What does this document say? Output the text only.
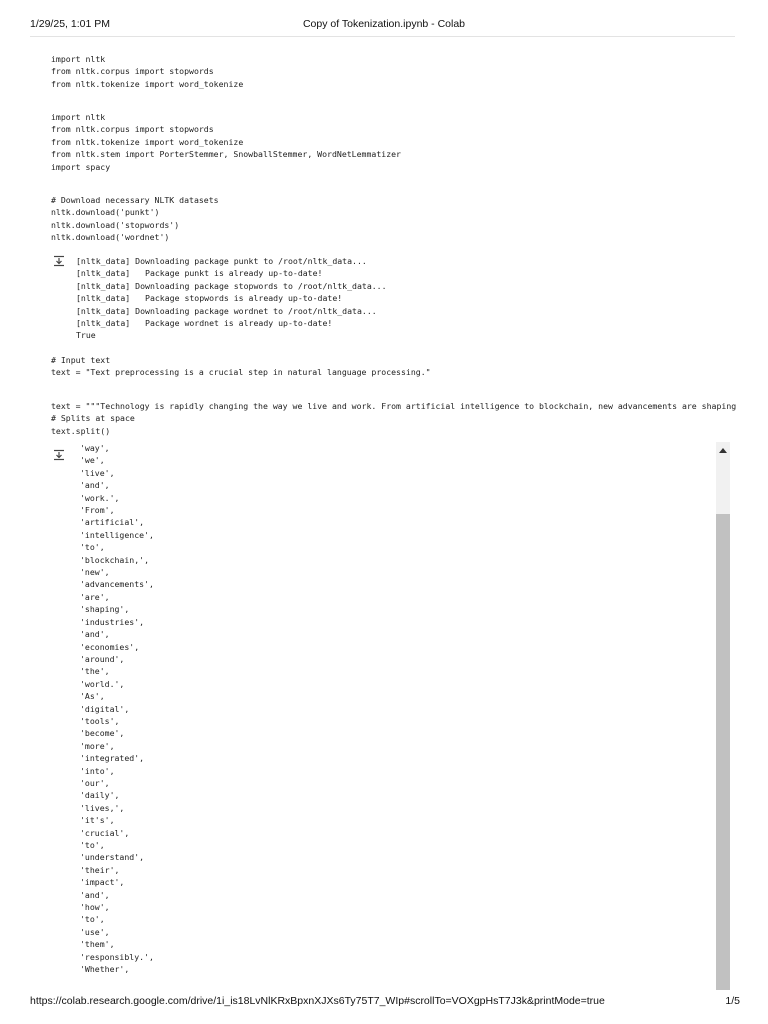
1/29/25, 1:01 PM	Copy of Tokenization.ipynb - Colab
import nltk
from nltk.corpus import stopwords
from nltk.tokenize import word_tokenize
import nltk
from nltk.corpus import stopwords
from nltk.tokenize import word_tokenize
from nltk.stem import PorterStemmer, SnowballStemmer, WordNetLemmatizer
import spacy
# Download necessary NLTK datasets
nltk.download('punkt')
nltk.download('stopwords')
nltk.download('wordnet')
[nltk_data] Downloading package punkt to /root/nltk_data...
[nltk_data]   Package punkt is already up-to-date!
[nltk_data] Downloading package stopwords to /root/nltk_data...
[nltk_data]   Package stopwords is already up-to-date!
[nltk_data] Downloading package wordnet to /root/nltk_data...
[nltk_data]   Package wordnet is already up-to-date!
True
# Input text
text = "Text preprocessing is a crucial step in natural language processing."
text = """Technology is rapidly changing the way we live and work. From artificial intelligence to blockchain, new advancements are shaping
# Splits at space
text.split()
'way',
'we',
'live',
'and',
'work.',
'From',
'artificial',
'intelligence',
'to',
'blockchain,',
'new',
'advancements',
'are',
'shaping',
'industries',
'and',
'economies',
'around',
'the',
'world.',
'As',
'digital',
'tools',
'become',
'more',
'integrated',
'into',
'our',
'daily',
'lives,',
'it's',
'crucial',
'to',
'understand',
'their',
'impact',
'and',
'how',
'to',
'use',
'them',
'responsibly.',
'Whether',
https://colab.research.google.com/drive/1i_is18LvNlKRxBpxnXJXs6Ty75T7_WIp#scrollTo=VOXgpHsT7J3k&printMode=true	1/5
